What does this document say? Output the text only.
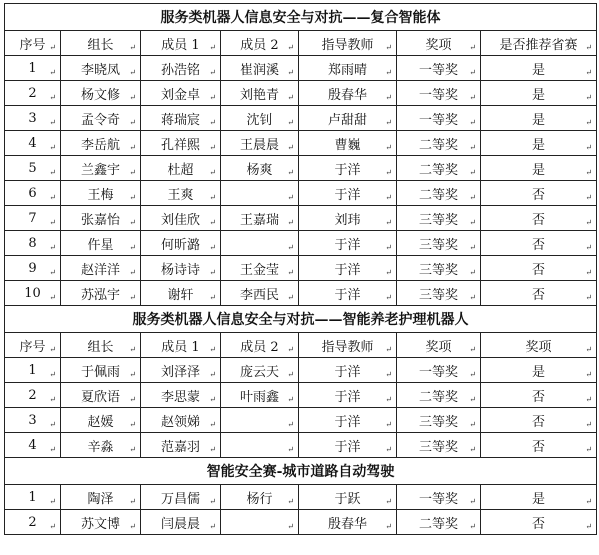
服务类机器人信息安全与对抗——复合智能体						
序号 ↵	组长 ↵	成员 1 ↵	成员 2 ↵	指导教师 ↵	奖项 ↵	是否推荐省赛 ↵

1 ↵	李晓凤 ↵	孙浩铭 ↵	崔润溪 ↵	郑雨晴 ↵	一等奖 ↵	是 ↵

2 ↵	杨文修 ↵	刘金卓 ↵	刘艳青 ↵	殷春华 ↵	一等奖 ↵	是 ↵

3 ↵	孟令奇 ↵	蒋瑞宸 ↵	沈钊 ↵	卢甜甜 ↵	一等奖 ↵	是 ↵

4 ↵	李岳航 ↵	孔祥熙 ↵	王晨晨 ↵	曹巍 ↵	二等奖 ↵	是 ↵

5 ↵	兰鑫宇 ↵	杜超 ↵	杨爽 ↵	于洋 ↵	二等奖 ↵	是 ↵

6 ↵	王梅 ↵	王爽 ↵	↵	于洋 ↵	二等奖 ↵	否 ↵

7 ↵	张嘉怡 ↵	刘佳欣 ↵	王嘉瑞 ↵	刘玮 ↵	三等奖 ↵	否 ↵

8 ↵	仵星 ↵	何昕潞 ↵	↵	于洋 ↵	三等奖 ↵	否 ↵

9 ↵	赵洋洋 ↵	杨诗诗 ↵	王金莹 ↵	于洋 ↵	三等奖 ↵	否 ↵

10 ↵	苏泓宇 ↵	谢轩 ↵	李西民 ↵	于洋 ↵	三等奖 ↵	否 ↵

服务类机器人信息安全与对抗——智能养老护理机器人						
序号 ↵	组长 ↵	成员 1 ↵	成员 2 ↵	指导教师 ↵	奖项 ↵	奖项 ↵

1 ↵	于佩雨 ↵	刘泽泽 ↵	庞云天 ↵	于洋 ↵	一等奖 ↵	是 ↵

2 ↵	夏欣语 ↵	李思蒙 ↵	叶雨鑫 ↵	于洋 ↵	二等奖 ↵	否 ↵

3 ↵	赵媛 ↵	赵领娣 ↵	↵	于洋 ↵	三等奖 ↵	否 ↵

4 ↵	辛淼 ↵	范嘉羽 ↵	↵	于洋 ↵	三等奖 ↵	否 ↵

智能安全赛-城市道路自动驾驶						
1 ↵	陶泽 ↵	万昌儒 ↵	杨行 ↵	于跃 ↵	一等奖 ↵	是 ↵

2 ↵	苏文博 ↵	闫晨晨 ↵	↵	殷春华 ↵	二等奖 ↵	否 ↵
